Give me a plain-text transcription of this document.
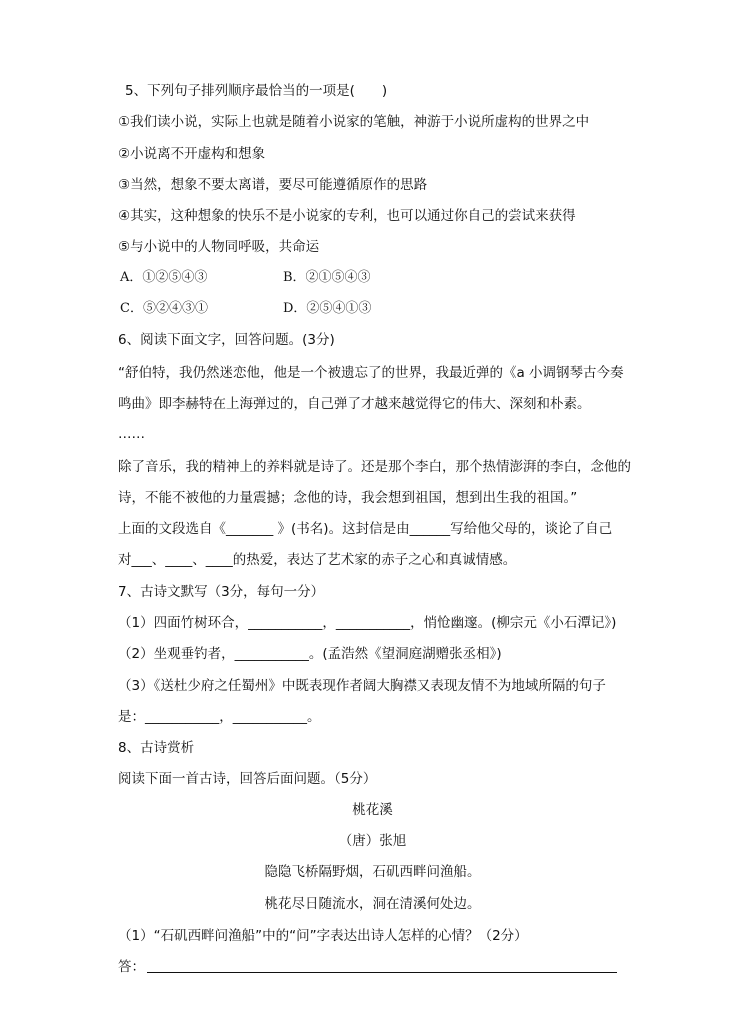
5、下列句子排列顺序最恰当的一项是(　　)
①我们读小说，实际上也就是随着小说家的笔触，神游于小说所虚构的世界之中
②小说离不开虚构和想象
③当然，想象不要太离谱，要尽可能遵循原作的思路
④其实，这种想象的快乐不是小说家的专利，也可以通过你自己的尝试来获得
⑤与小说中的人物同呼吸，共命运
A．①②⑤④③	B．②①⑤④③
C．⑤②④③①	D．②⑤④①③
6、阅读下面文字，回答问题。(3分)
“舒伯特，我仍然迷恋他，他是一个被遗忘了的世界，我最近弹的《a 小调钢琴古今奏
鸣曲》即李赫特在上海弹过的，自己弹了才越来越觉得它的伟大、深刻和朴素。
……
除了音乐，我的精神上的养料就是诗了。还是那个李白，那个热情澎湃的李白，念他的
诗，不能不被他的力量震撼；念他的诗，我会想到祖国，想到出生我的祖国。”
上面的文段选自《_______ 》(书名)。这封信是由______写给他父母的，谈论了自己
对___、____、____的热爱，表达了艺术家的赤子之心和真诚情感。
7、古诗文默写（3分，每句一分）
（1）四面竹树环合，___________，___________，悄怆幽邃。(柳宗元《小石潭记》)
（2）坐观垂钓者，___________。(孟浩然《望洞庭湖赠张丞相》)
（3）《送杜少府之任蜀州》中既表现作者阔大胸襟又表现友情不为地域所隔的句子
是：___________，___________。
8、古诗赏析
阅读下面一首古诗，回答后面问题。（5分）
桃花溪
（唐）张旭
隐隐飞桥隔野烟，石矶西畔问渔船。
桃花尽日随流水，洞在清溪何处边。
（1）“石矶西畔问渔船”中的“问”字表达出诗人怎样的心情？（2分）
答：
